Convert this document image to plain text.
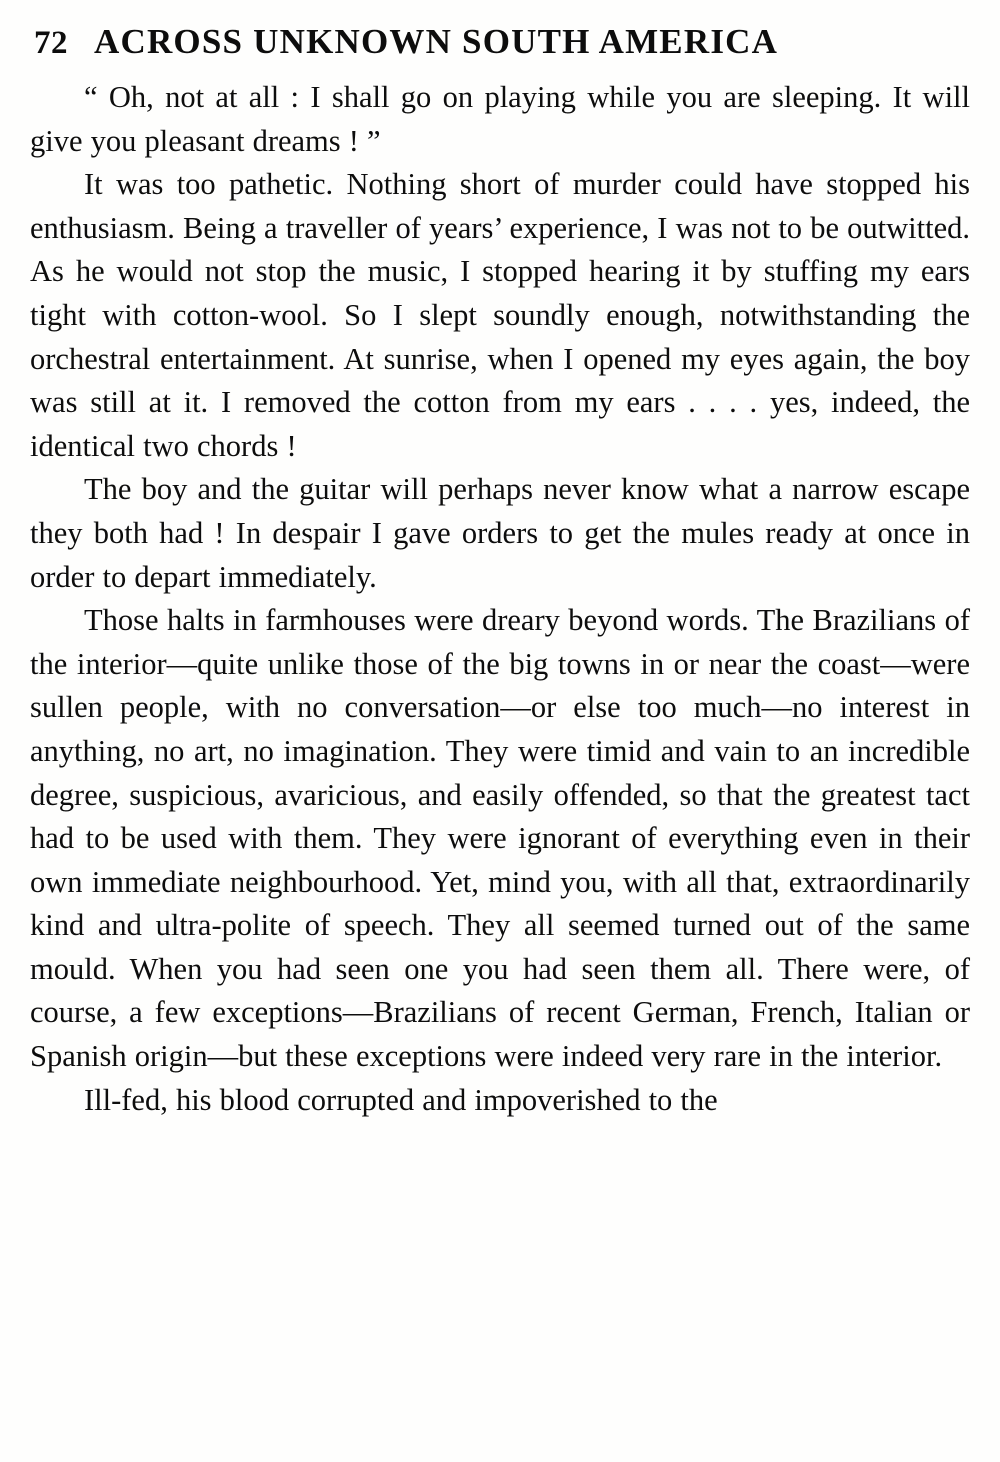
72 ACROSS UNKNOWN SOUTH AMERICA

“ Oh, not at all : I shall go on playing while you are sleeping. It will give you pleasant dreams ! ”

It was too pathetic. Nothing short of murder could have stopped his enthusiasm. Being a traveller of years’ experience, I was not to be outwitted. As he would not stop the music, I stopped hearing it by stuffing my ears tight with cotton-wool. So I slept soundly enough, notwithstanding the orchestral entertainment. At sunrise, when I opened my eyes again, the boy was still at it. I removed the cotton from my ears . . . . yes, indeed, the identical two chords !

The boy and the guitar will perhaps never know what a narrow escape they both had ! In despair I gave orders to get the mules ready at once in order to depart immediately.

Those halts in farmhouses were dreary beyond words. The Brazilians of the interior—quite unlike those of the big towns in or near the coast—were sullen people, with no conversation—or else too much—no interest in anything, no art, no imagination. They were timid and vain to an incredible degree, suspicious, avaricious, and easily offended, so that the greatest tact had to be used with them. They were ignorant of everything even in their own immediate neighbourhood. Yet, mind you, with all that, extraordinarily kind and ultra-polite of speech. They all seemed turned out of the same mould. When you had seen one you had seen them all. There were, of course, a few exceptions—Brazilians of recent German, French, Italian or Spanish origin—but these exceptions were indeed very rare in the interior.

Ill-fed, his blood corrupted and impoverished to the
